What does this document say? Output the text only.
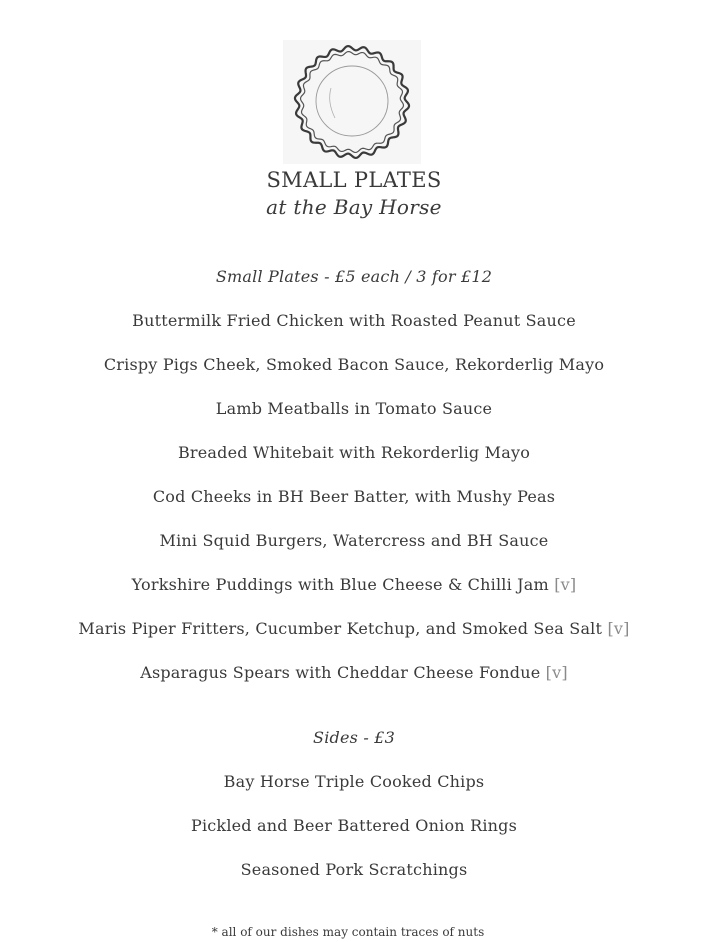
SMALL PLATES
at the Bay Horse
Small Plates - £5 each / 3 for £12
Buttermilk Fried Chicken with Roasted Peanut Sauce
Crispy Pigs Cheek, Smoked Bacon Sauce, Rekorderlig Mayo
Lamb Meatballs in Tomato Sauce
Breaded Whitebait with Rekorderlig Mayo
Cod Cheeks in BH Beer Batter, with Mushy Peas
Mini Squid Burgers, Watercress and BH Sauce
Yorkshire Puddings with Blue Cheese & Chilli Jam [v]
Maris Piper Fritters, Cucumber Ketchup, and Smoked Sea Salt [v]
Asparagus Spears with Cheddar Cheese Fondue [v]
Sides - £3
Bay Horse Triple Cooked Chips
Pickled and Beer Battered Onion Rings
Seasoned Pork Scratchings
* all of our dishes may contain traces of nuts
